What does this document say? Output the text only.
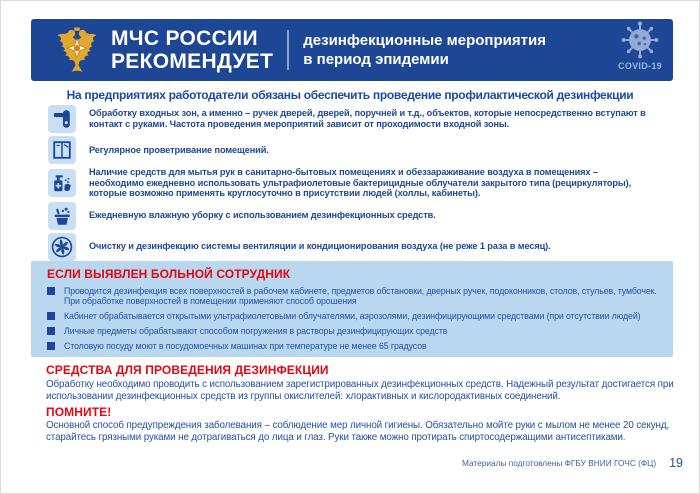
МЧС РОССИИ
РЕКОМЕНДУЕТ
дезинфекционные мероприятия
в период эпидемии	COVID-19
На предприятиях работодатели обязаны обеспечить проведение профилактической дезинфекции
Обработку входных зон, а именно – ручек дверей, дверей, поручней и т.д., объектов, которые непосредственно вступают в контакт с руками. Частота проведения мероприятий зависит от проходимости входной зоны.
Регулярное проветривание помещений.
Наличие средств для мытья рук в санитарно-бытовых помещениях и обеззараживание воздуха в помещениях – необходимо ежедневно использовать ультрафиолетовые бактерицидные облучатели закрытого типа (рециркуляторы), которые возможно применять круглосуточно в присутствии людей (холлы, кабинеты).
Ежедневную влажную уборку с использованием дезинфекционных средств.
Очистку и дезинфекцию системы вентиляции и кондиционирования воздуха (не реже 1 раза в месяц).
ЕСЛИ ВЫЯВЛЕН БОЛЬНОЙ СОТРУДНИК
Проводится дезинфекция всех поверхностей в рабочем кабинете, предметов обстановки, дверных ручек, подоконников, столов, стульев, тумбочек. При обработке поверхностей в помещении применяют способ орошения
Кабинет обрабатывается открытыми ультрафиолетовыми облучателями, аэрозолями, дезинфицирующими средствами (при отсутствии людей)
Личные предметы обрабатывают способом погружения в растворы дезинфицирующих средств
Столовую посуду моют в посудомоечных машинах при температуре не менее 65 градусов
СРЕДСТВА ДЛЯ ПРОВЕДЕНИЯ ДЕЗИНФЕКЦИИ
Обработку необходимо проводить с использованием зарегистрированных дезинфекционных средств. Надежный результат достигается при использовании дезинфекционных средств из группы окислителей: хлорактивных и кислородактивных соединений.
ПОМНИТЕ!
Основной способ предупреждения заболевания – соблюдение мер личной гигиены. Обязательно мойте руки с мылом не менее 20 секунд, старайтесь грязными руками не дотрагиваться до лица и глаз. Руки также можно протирать спиртосодержащими антисептиками.
Материалы подготовлены ФГБУ ВНИИ ГОЧС (ФЦ) 19
